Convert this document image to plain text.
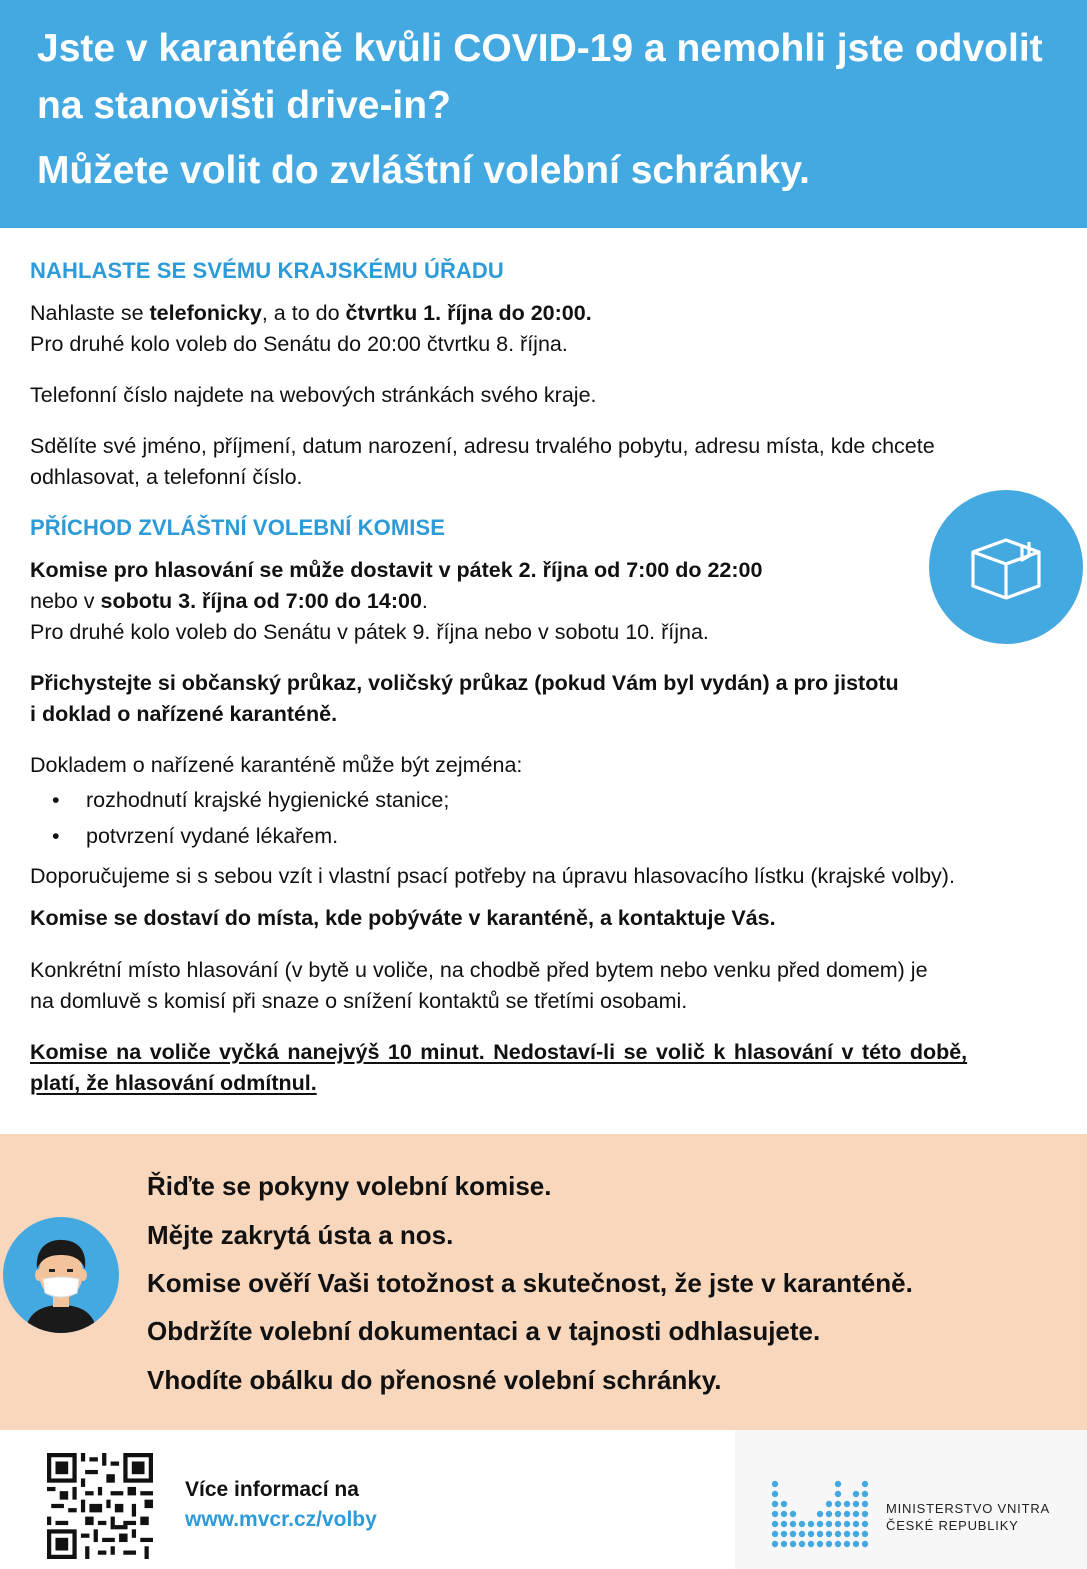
Jste v karanténě kvůli COVID-19 a nemohli jste odvolit na stanovišti drive-in?
Můžete volit do zvláštní volební schránky.
NAHLASTE SE SVÉMU KRAJSKÉMU ÚŘADU
Nahlaste se telefonicky, a to do čtvrtku 1. října do 20:00.
Pro druhé kolo voleb do Senátu do 20:00 čtvrtku 8. října.
Telefonní číslo najdete na webových stránkách svého kraje.
Sdělíte své jméno, příjmení, datum narození, adresu trvalého pobytu, adresu místa, kde chcete
odhlasovat, a telefonní číslo.
PŘÍCHOD ZVLÁŠTNÍ VOLEBNÍ KOMISE
Komise pro hlasování se může dostavit v pátek 2. října od 7:00 do 22:00
nebo v sobotu 3. října od 7:00 do 14:00.
Pro druhé kolo voleb do Senátu v pátek 9. října nebo v sobotu 10. října.
Přichystejte si občanský průkaz, voličský průkaz (pokud Vám byl vydán) a pro jistotu
i doklad o nařízené karanténě.
Dokladem o nařízené karanténě může být zejména:
• rozhodnutí krajské hygienické stanice;
• potvrzení vydané lékařem.
Doporučujeme si s sebou vzít i vlastní psací potřeby na úpravu hlasovacího lístku (krajské volby).
Komise se dostaví do místa, kde pobýváte v karanténě, a kontaktuje Vás.
Konkrétní místo hlasování (v bytě u voliče, na chodbě před bytem nebo venku před domem) je
na domluvě s komisí při snaze o snížení kontaktů se třetími osobami.
Komise na voliče vyčká nanejvýš 10 minut. Nedostaví-li se volič k hlasování v této době,
platí, že hlasování odmítnul.
Řiďte se pokyny volební komise.
Mějte zakrytá ústa a nos.
Komise ověří Vaši totožnost a skutečnost, že jste v karanténě.
Obdržíte volební dokumentaci a v tajnosti odhlasujete.
Vhodíte obálku do přenosné volební schránky.
Více informací na
www.mvcr.cz/volby	MINISTERSTVO VNITRA
ČESKÉ REPUBLIKY
